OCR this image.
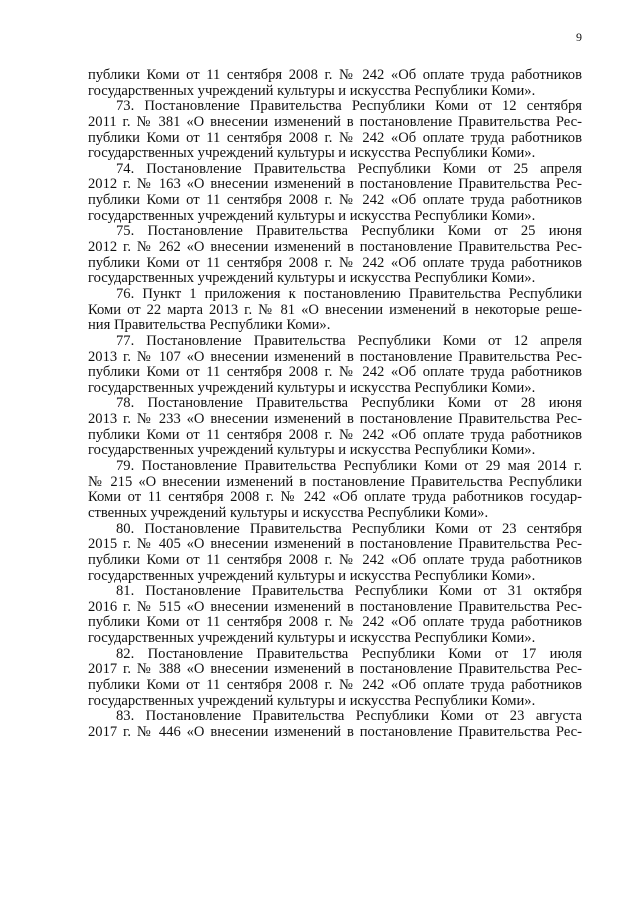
9
публики Коми от 11 сентября 2008 г. № 242 «Об оплате труда работников
государственных учреждений культуры и искусства Республики Коми».
73. Постановление Правительства Республики Коми от 12 сентября
2011 г. № 381 «О внесении изменений в постановление Правительства Рес-
публики Коми от 11 сентября 2008 г. № 242 «Об оплате труда работников
государственных учреждений культуры и искусства Республики Коми».
74. Постановление Правительства Республики Коми от 25 апреля
2012 г. № 163 «О внесении изменений в постановление Правительства Рес-
публики Коми от 11 сентября 2008 г. № 242 «Об оплате труда работников
государственных учреждений культуры и искусства Республики Коми».
75. Постановление Правительства Республики Коми от 25 июня
2012 г. № 262 «О внесении изменений в постановление Правительства Рес-
публики Коми от 11 сентября 2008 г. № 242 «Об оплате труда работников
государственных учреждений культуры и искусства Республики Коми».
76. Пункт 1 приложения к постановлению Правительства Республики
Коми от 22 марта 2013 г. № 81 «О внесении изменений в некоторые реше-
ния Правительства Республики Коми».
77. Постановление Правительства Республики Коми от 12 апреля
2013 г. № 107 «О внесении изменений в постановление Правительства Рес-
публики Коми от 11 сентября 2008 г. № 242 «Об оплате труда работников
государственных учреждений культуры и искусства Республики Коми».
78. Постановление Правительства Республики Коми от 28 июня
2013 г. № 233 «О внесении изменений в постановление Правительства Рес-
публики Коми от 11 сентября 2008 г. № 242 «Об оплате труда работников
государственных учреждений культуры и искусства Республики Коми».
79. Постановление Правительства Республики Коми от 29 мая 2014 г.
№ 215 «О внесении изменений в постановление Правительства Республики
Коми от 11 сентября 2008 г. № 242 «Об оплате труда работников государ-
ственных учреждений культуры и искусства Республики Коми».
80. Постановление Правительства Республики Коми от 23 сентября
2015 г. № 405 «О внесении изменений в постановление Правительства Рес-
публики Коми от 11 сентября 2008 г. № 242 «Об оплате труда работников
государственных учреждений культуры и искусства Республики Коми».
81. Постановление Правительства Республики Коми от 31 октября
2016 г. № 515 «О внесении изменений в постановление Правительства Рес-
публики Коми от 11 сентября 2008 г. № 242 «Об оплате труда работников
государственных учреждений культуры и искусства Республики Коми».
82. Постановление Правительства Республики Коми от 17 июля
2017 г. № 388 «О внесении изменений в постановление Правительства Рес-
публики Коми от 11 сентября 2008 г. № 242 «Об оплате труда работников
государственных учреждений культуры и искусства Республики Коми».
83. Постановление Правительства Республики Коми от 23 августа
2017 г. № 446 «О внесении изменений в постановление Правительства Рес-
